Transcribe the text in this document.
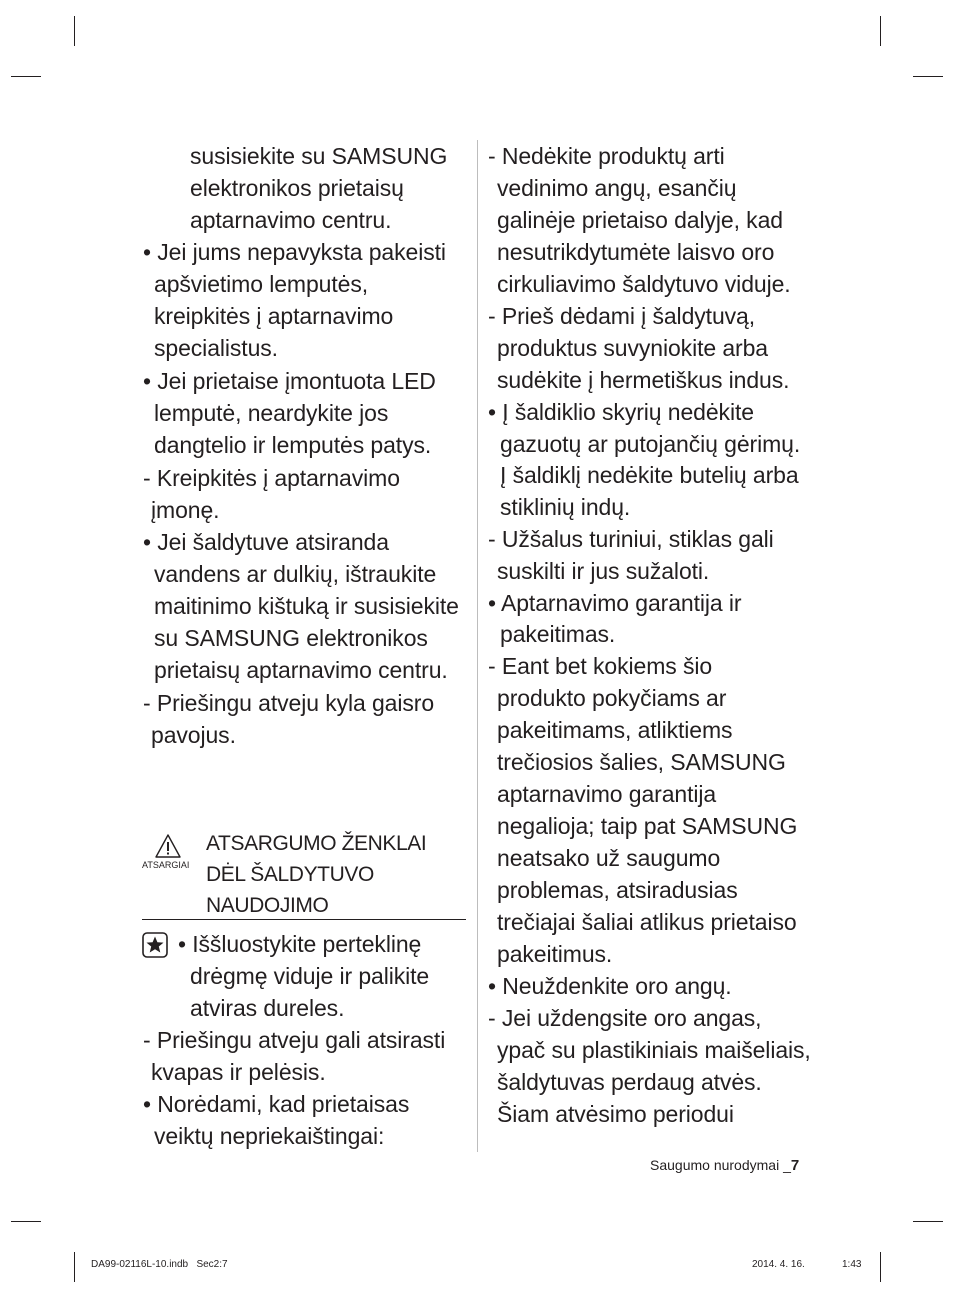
susisiekite su SAMSUNG
elektronikos prietaisų
aptarnavimo centru.
• Jei jums nepavyksta pakeisti
apšvietimo lemputės,
kreipkitės į aptarnavimo
specialistus.
• Jei prietaise įmontuota LED
lemputė, neardykite jos
dangtelio ir lemputės patys.
- Kreipkitės į aptarnavimo
įmonę.
• Jei šaldytuve atsiranda
vandens ar dulkių, ištraukite
maitinimo kištuką ir susisiekite
su SAMSUNG elektronikos
prietaisų aptarnavimo centru.
- Priešingu atveju kyla gaisro
pavojus.
ATSARGIAI
ATSARGUMO ŽENKLAI
DĖL ŠALDYTUVO
NAUDOJIMO
• Iššluostykite perteklinę
drėgmę viduje ir palikite
atviras dureles.
- Priešingu atveju gali atsirasti
kvapas ir pelėsis.
• Norėdami, kad prietaisas
veiktų nepriekaištingai:
- Nedėkite produktų arti
vedinimo angų, esančių
galinėje prietaiso dalyje, kad
nesutrikdytumėte laisvo oro
cirkuliavimo šaldytuvo viduje.
- Prieš dėdami į šaldytuvą,
produktus suvyniokite arba
sudėkite į hermetiškus indus.
• Į šaldiklio skyrių nedėkite
gazuotų ar putojančių gėrimų.
Į šaldiklį nedėkite butelių arba
stiklinių indų.
- Užšalus turiniui, stiklas gali
suskilti ir jus sužaloti.
• Aptarnavimo garantija ir
pakeitimas.
- Eant bet kokiems šio
produkto pokyčiams ar
pakeitimams, atliktiems
trečiosios šalies, SAMSUNG
aptarnavimo garantija
negalioja; taip pat SAMSUNG
neatsako už saugumo
problemas, atsiradusias
trečiajai šaliai atlikus prietaiso
pakeitimus.
• Neuždenkite oro angų.
- Jei uždengsite oro angas,
ypač su plastikiniais maišeliais,
šaldytuvas perdaug atvės.
Šiam atvėsimo periodui
Saugumo nurodymai _7
DA99-02116L-10.indb   Sec2:7	2014. 4. 16.	1:43
